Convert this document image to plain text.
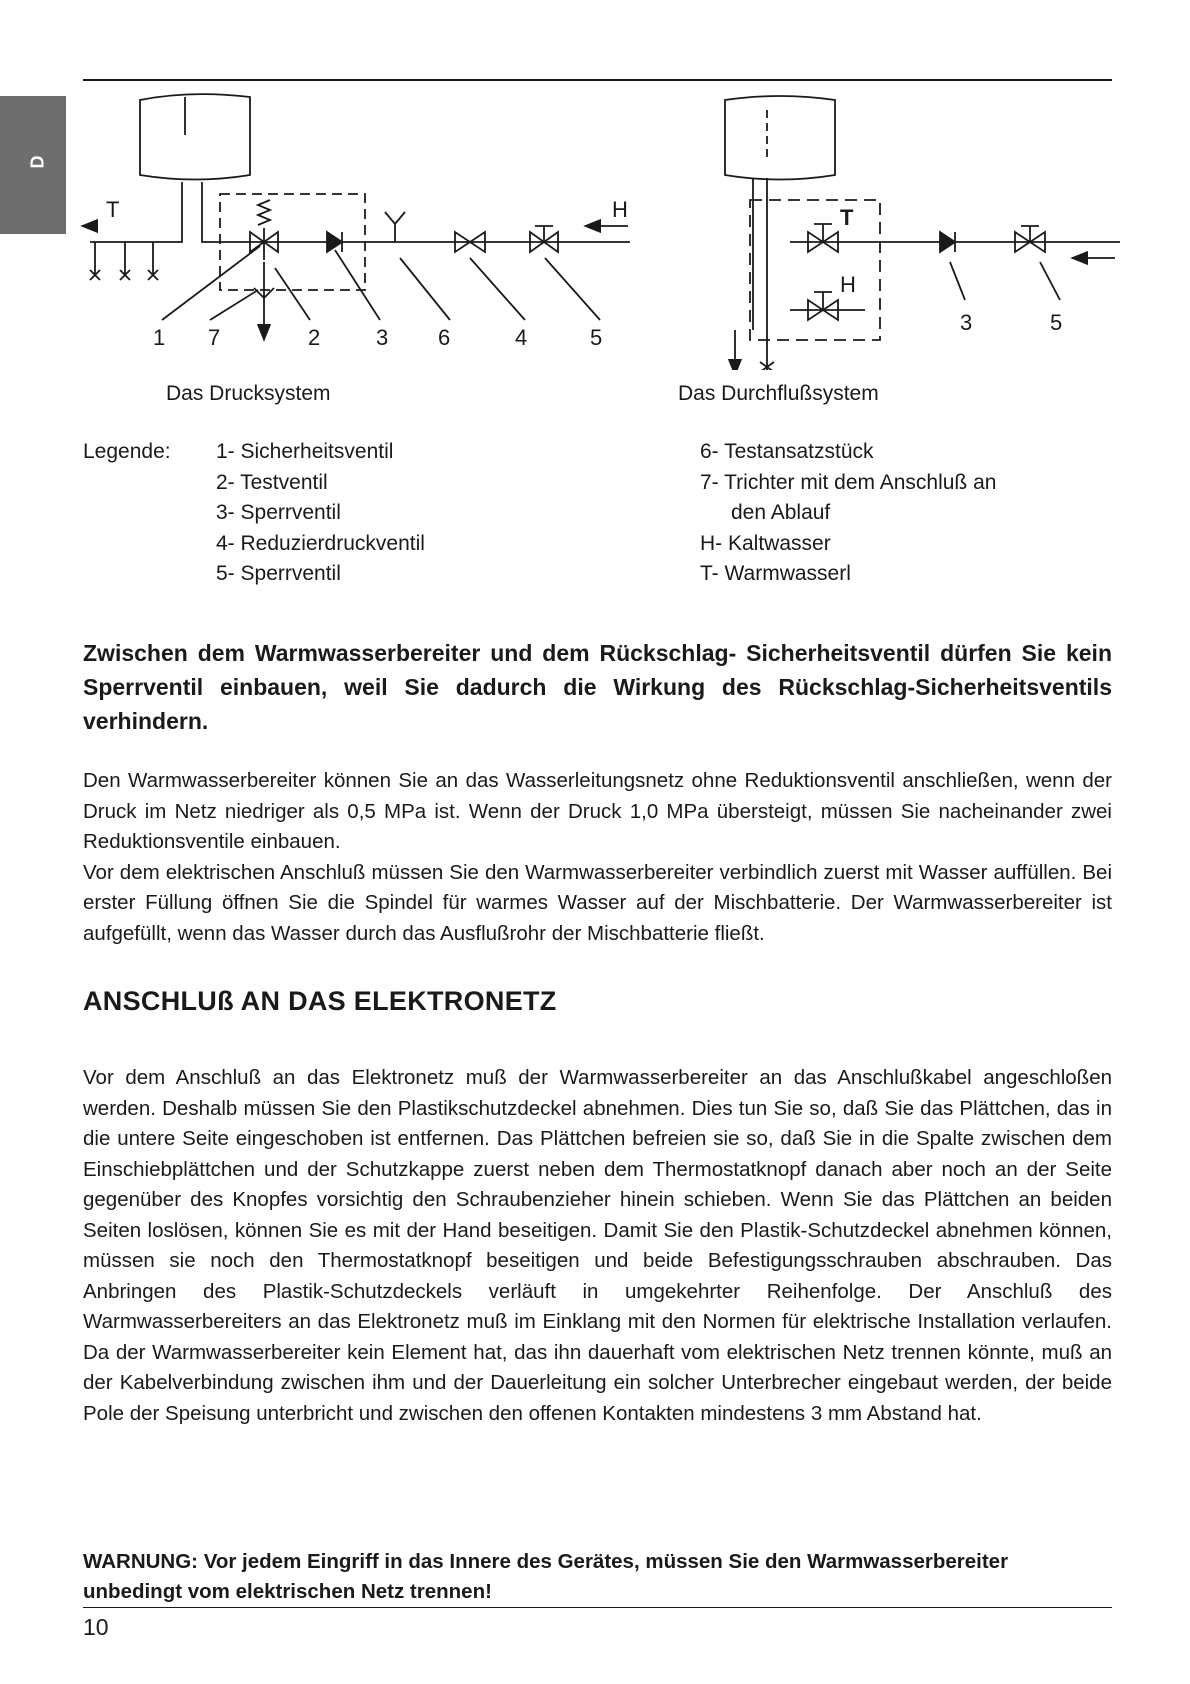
D
T	H
1 7	2	3 6	4	5
T
H
3	5
Das Drucksystem	Das Durchflußsystem
Legende: 1- Sicherheitsventil
2- Testventil
3- Sperrventil
4- Reduzierdruckventil
5- Sperrventil
6- Testansatzstück
7- Trichter mit dem Anschluß an
den Ablauf
H- Kaltwasser
T- Warmwasserl
Zwischen dem Warmwasserbereiter und dem Rückschlag- Sicherheitsventil dürfen Sie kein Sperrventil einbauen, weil Sie dadurch die Wirkung des Rückschlag-Sicherheitsventils verhindern.

Den Warmwasserbereiter können Sie an das Wasserleitungsnetz ohne Reduktionsventil anschließen, wenn der Druck im Netz niedriger als 0,5 MPa ist. Wenn der Druck 1,0 MPa übersteigt, müssen Sie nacheinander zwei Reduktionsventile einbauen.

Vor dem elektrischen Anschluß müssen Sie den Warmwasserbereiter verbindlich zuerst mit Wasser auffüllen. Bei erster Füllung öffnen Sie die Spindel für warmes Wasser auf der Mischbatterie. Der Warmwasserbereiter ist aufgefüllt, wenn das Wasser durch das Ausflußrohr der Mischbatterie fließt.

ANSCHLUß AN DAS ELEKTRONETZ
Vor dem Anschluß an das Elektronetz muß der Warmwasserbereiter an das Anschlußkabel angeschloßen werden. Deshalb müssen Sie den Plastikschutzdeckel abnehmen. Dies tun Sie so, daß Sie das Plättchen, das in die untere Seite eingeschoben ist entfernen. Das Plättchen befreien sie so, daß Sie in die Spalte zwischen dem Einschiebplättchen und der Schutzkappe zuerst neben dem Thermostatknopf danach aber noch an der Seite gegenüber des Knopfes vorsichtig den Schraubenzieher hinein schieben. Wenn Sie das Plättchen an beiden Seiten loslösen, können Sie es mit der Hand beseitigen. Damit Sie den Plastik-Schutzdeckel abnehmen können, müssen sie noch den Thermostatknopf beseitigen und beide Befestigungsschrauben abschrauben. Das Anbringen des Plastik-Schutzdeckels verläuft in umgekehrter Reihenfolge. Der Anschluß des Warmwasserbereiters an das Elektronetz muß im Einklang mit den Normen für elektrische Installation verlaufen. Da der Warmwasserbereiter kein Element hat, das ihn dauerhaft vom elektrischen Netz trennen könnte, muß an der Kabelverbindung zwischen ihm und der Dauerleitung ein solcher Unterbrecher eingebaut werden, der beide Pole der Speisung unterbricht und zwischen den offenen Kontakten mindestens 3 mm Abstand hat.
WARNUNG: Vor jedem Eingriff in das Innere des Gerätes, müssen Sie den Warmwasserbereiter unbedingt vom elektrischen Netz trennen!
10
